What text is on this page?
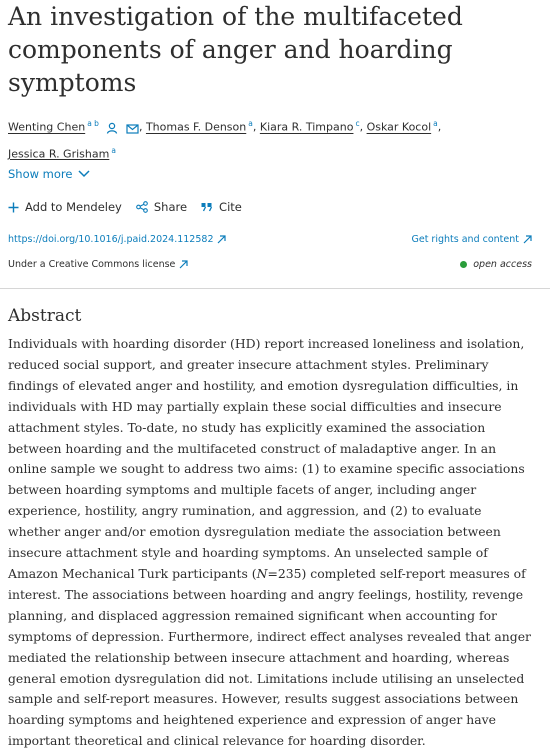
An investigation of the multifaceted components of anger and hoarding symptoms
Wenting Chen $^{a b}$	, Thomas F. Denson $^a$, Kiara R. Timpano $^c$, Oskar Kocol $^a$,
Jessica R. Grisham $^a$
Show more
Add to Mendeley	Share	Cite
https://doi.org/10.1016/j.paid.2024.112582	Get rights and content
Under a Creative Commons license	open access
Abstract

Individuals with hoarding disorder (HD) report increased loneliness and isolation, reduced social support, and greater insecure attachment styles. Preliminary findings of elevated anger and hostility, and emotion dysregulation difficulties, in individuals with HD may partially explain these social difficulties and insecure attachment styles. To-date, no study has explicitly examined the association between hoarding and the multifaceted construct of maladaptive anger. In an online sample we sought to address two aims: (1) to examine specific associations between hoarding symptoms and multiple facets of anger, including anger experience, hostility, angry rumination, and aggression, and (2) to evaluate whether anger and/or emotion dysregulation mediate the association between insecure attachment style and hoarding symptoms. An unselected sample of Amazon Mechanical Turk participants (N=235) completed self-report measures of interest. The associations between hoarding and angry feelings, hostility, revenge planning, and displaced aggression remained significant when accounting for symptoms of depression. Furthermore, indirect effect analyses revealed that anger mediated the relationship between insecure attachment and hoarding, whereas general emotion dysregulation did not. Limitations include utilising an unselected sample and self-report measures. However, results suggest associations between hoarding symptoms and heightened experience and expression of anger have important theoretical and clinical relevance for hoarding disorder.
